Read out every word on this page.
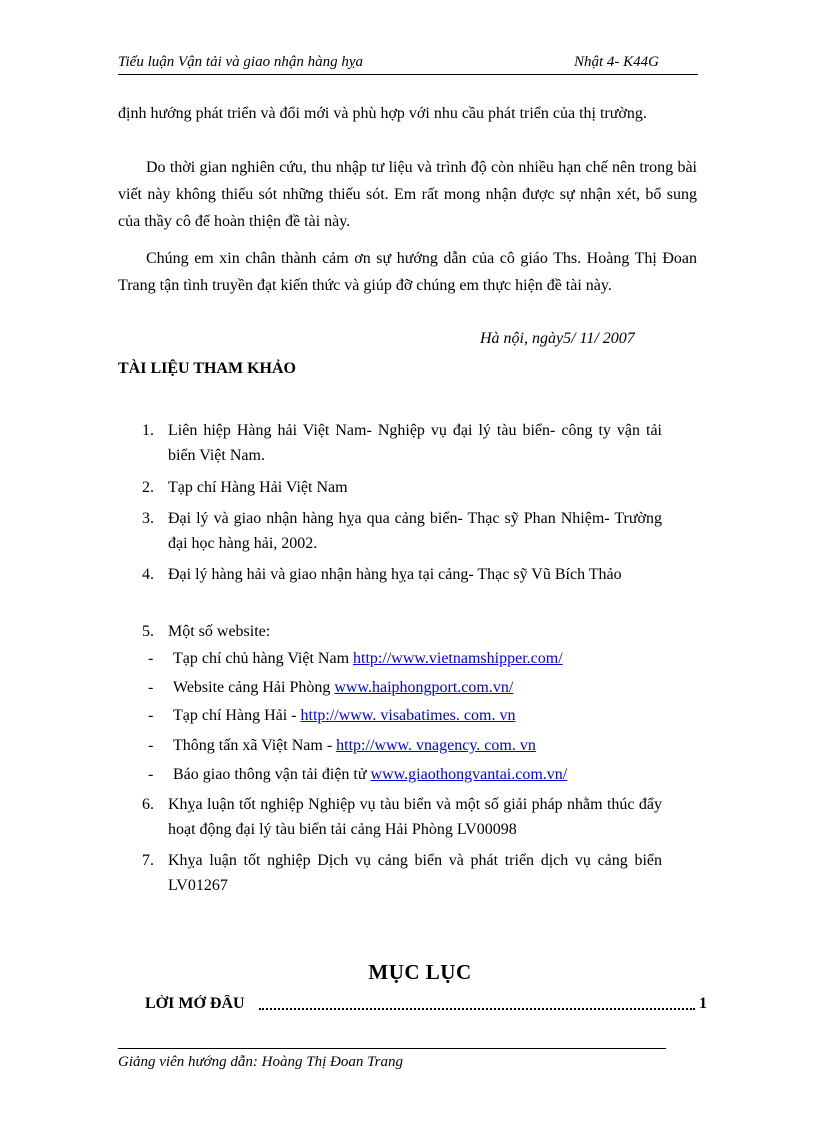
Tiểu luận Vận tải và giao nhận hàng hỵa	Nhật 4- K44G

định hướng phát triển và đổi mới và phù hợp với nhu cầu phát triển của thị trường.

Do thời gian nghiên cứu, thu nhập tư liệu và trình độ còn nhiều hạn chế nên trong bài viết này không thiếu sót những thiếu sót. Em rất mong nhận được sự nhận xét, bổ sung của thầy cô để hoàn thiện đề tài này.

Chúng em xin chân thành cảm ơn sự hướng dẫn của cô giáo Ths. Hoàng Thị Đoan Trang tận tình truyền đạt kiến thức và giúp đỡ chúng em thực hiện đề tài này.

Hà nội, ngày5/ 11/ 2007
TÀI LIỆU THAM KHẢO
1. Liên hiệp Hàng hải Việt Nam- Nghiệp vụ đại lý tàu biển- công ty vận tải biển Việt Nam.
2. Tạp chí Hàng Hải Việt Nam
3. Đại lý và giao nhận hàng hỵa qua cảng biển- Thạc sỹ Phan Nhiệm- Trường đại học hàng hải, 2002.
4. Đại lý hàng hải và giao nhận hàng hỵa tại cảng- Thạc sỹ Vũ Bích Thảo
5. Một số website:
- Tạp chí chủ hàng Việt Nam http://www.vietnamshipper.com/
- Website cảng Hải Phòng www.haiphongport.com.vn/
- Tạp chí Hàng Hải - http://www. visabatimes. com. vn
- Thông tấn xã Việt Nam - http://www. vnagency. com. vn
- Báo giao thông vận tải điện tử www.giaothongvantai.com.vn/
6. Khỵa luận tốt nghiệp Nghiệp vụ tàu biển và một số giải pháp nhằm thúc đẩy hoạt động đại lý tàu biển tải cảng Hải Phòng LV00098
7. Khỵa luận tốt nghiệp Dịch vụ cảng biển và phát triển dịch vụ cảng biển LV01267
MỤC LỤC
LỜI MỞ ĐẦU	1
Giảng viên hướng dẫn: Hoàng Thị Đoan Trang
